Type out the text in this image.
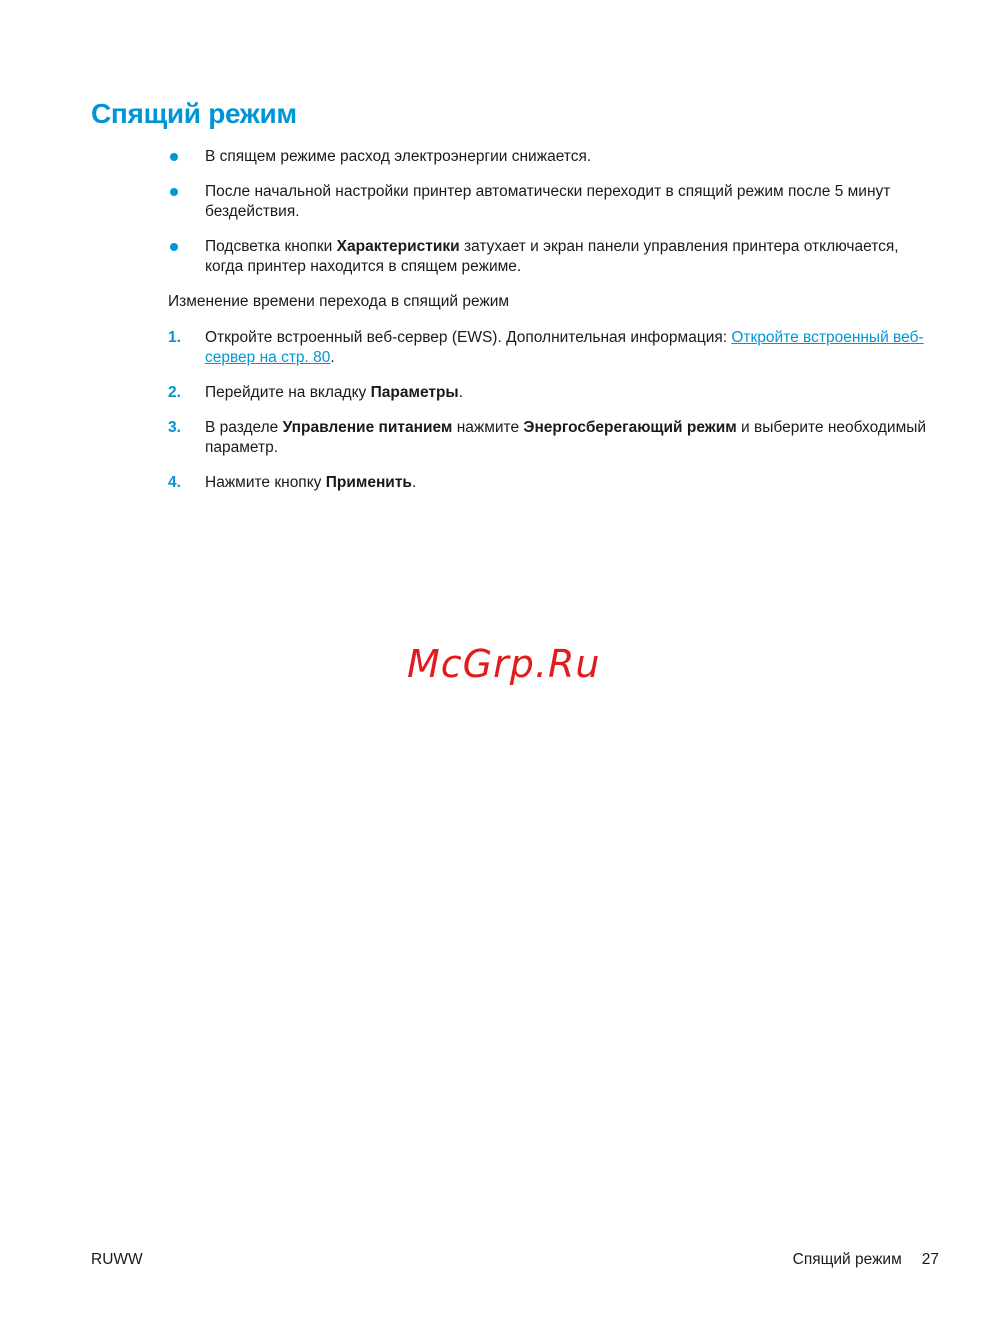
Спящий режим
В спящем режиме расход электроэнергии снижается.
После начальной настройки принтер автоматически переходит в спящий режим после 5 минут бездействия.
Подсветка кнопки Характеристики затухает и экран панели управления принтера отключается, когда принтер находится в спящем режиме.

Изменение времени перехода в спящий режим

1. Откройте встроенный веб-сервер (EWS). Дополнительная информация: Откройте встроенный веб-сервер на стр. 80.
2. Перейдите на вкладку Параметры.
3. В разделе Управление питанием нажмите Энергосберегающий режим и выберите необходимый параметр.
4. Нажмите кнопку Применить.
McGrp.Ru
RUWW	Спящий режим 27
